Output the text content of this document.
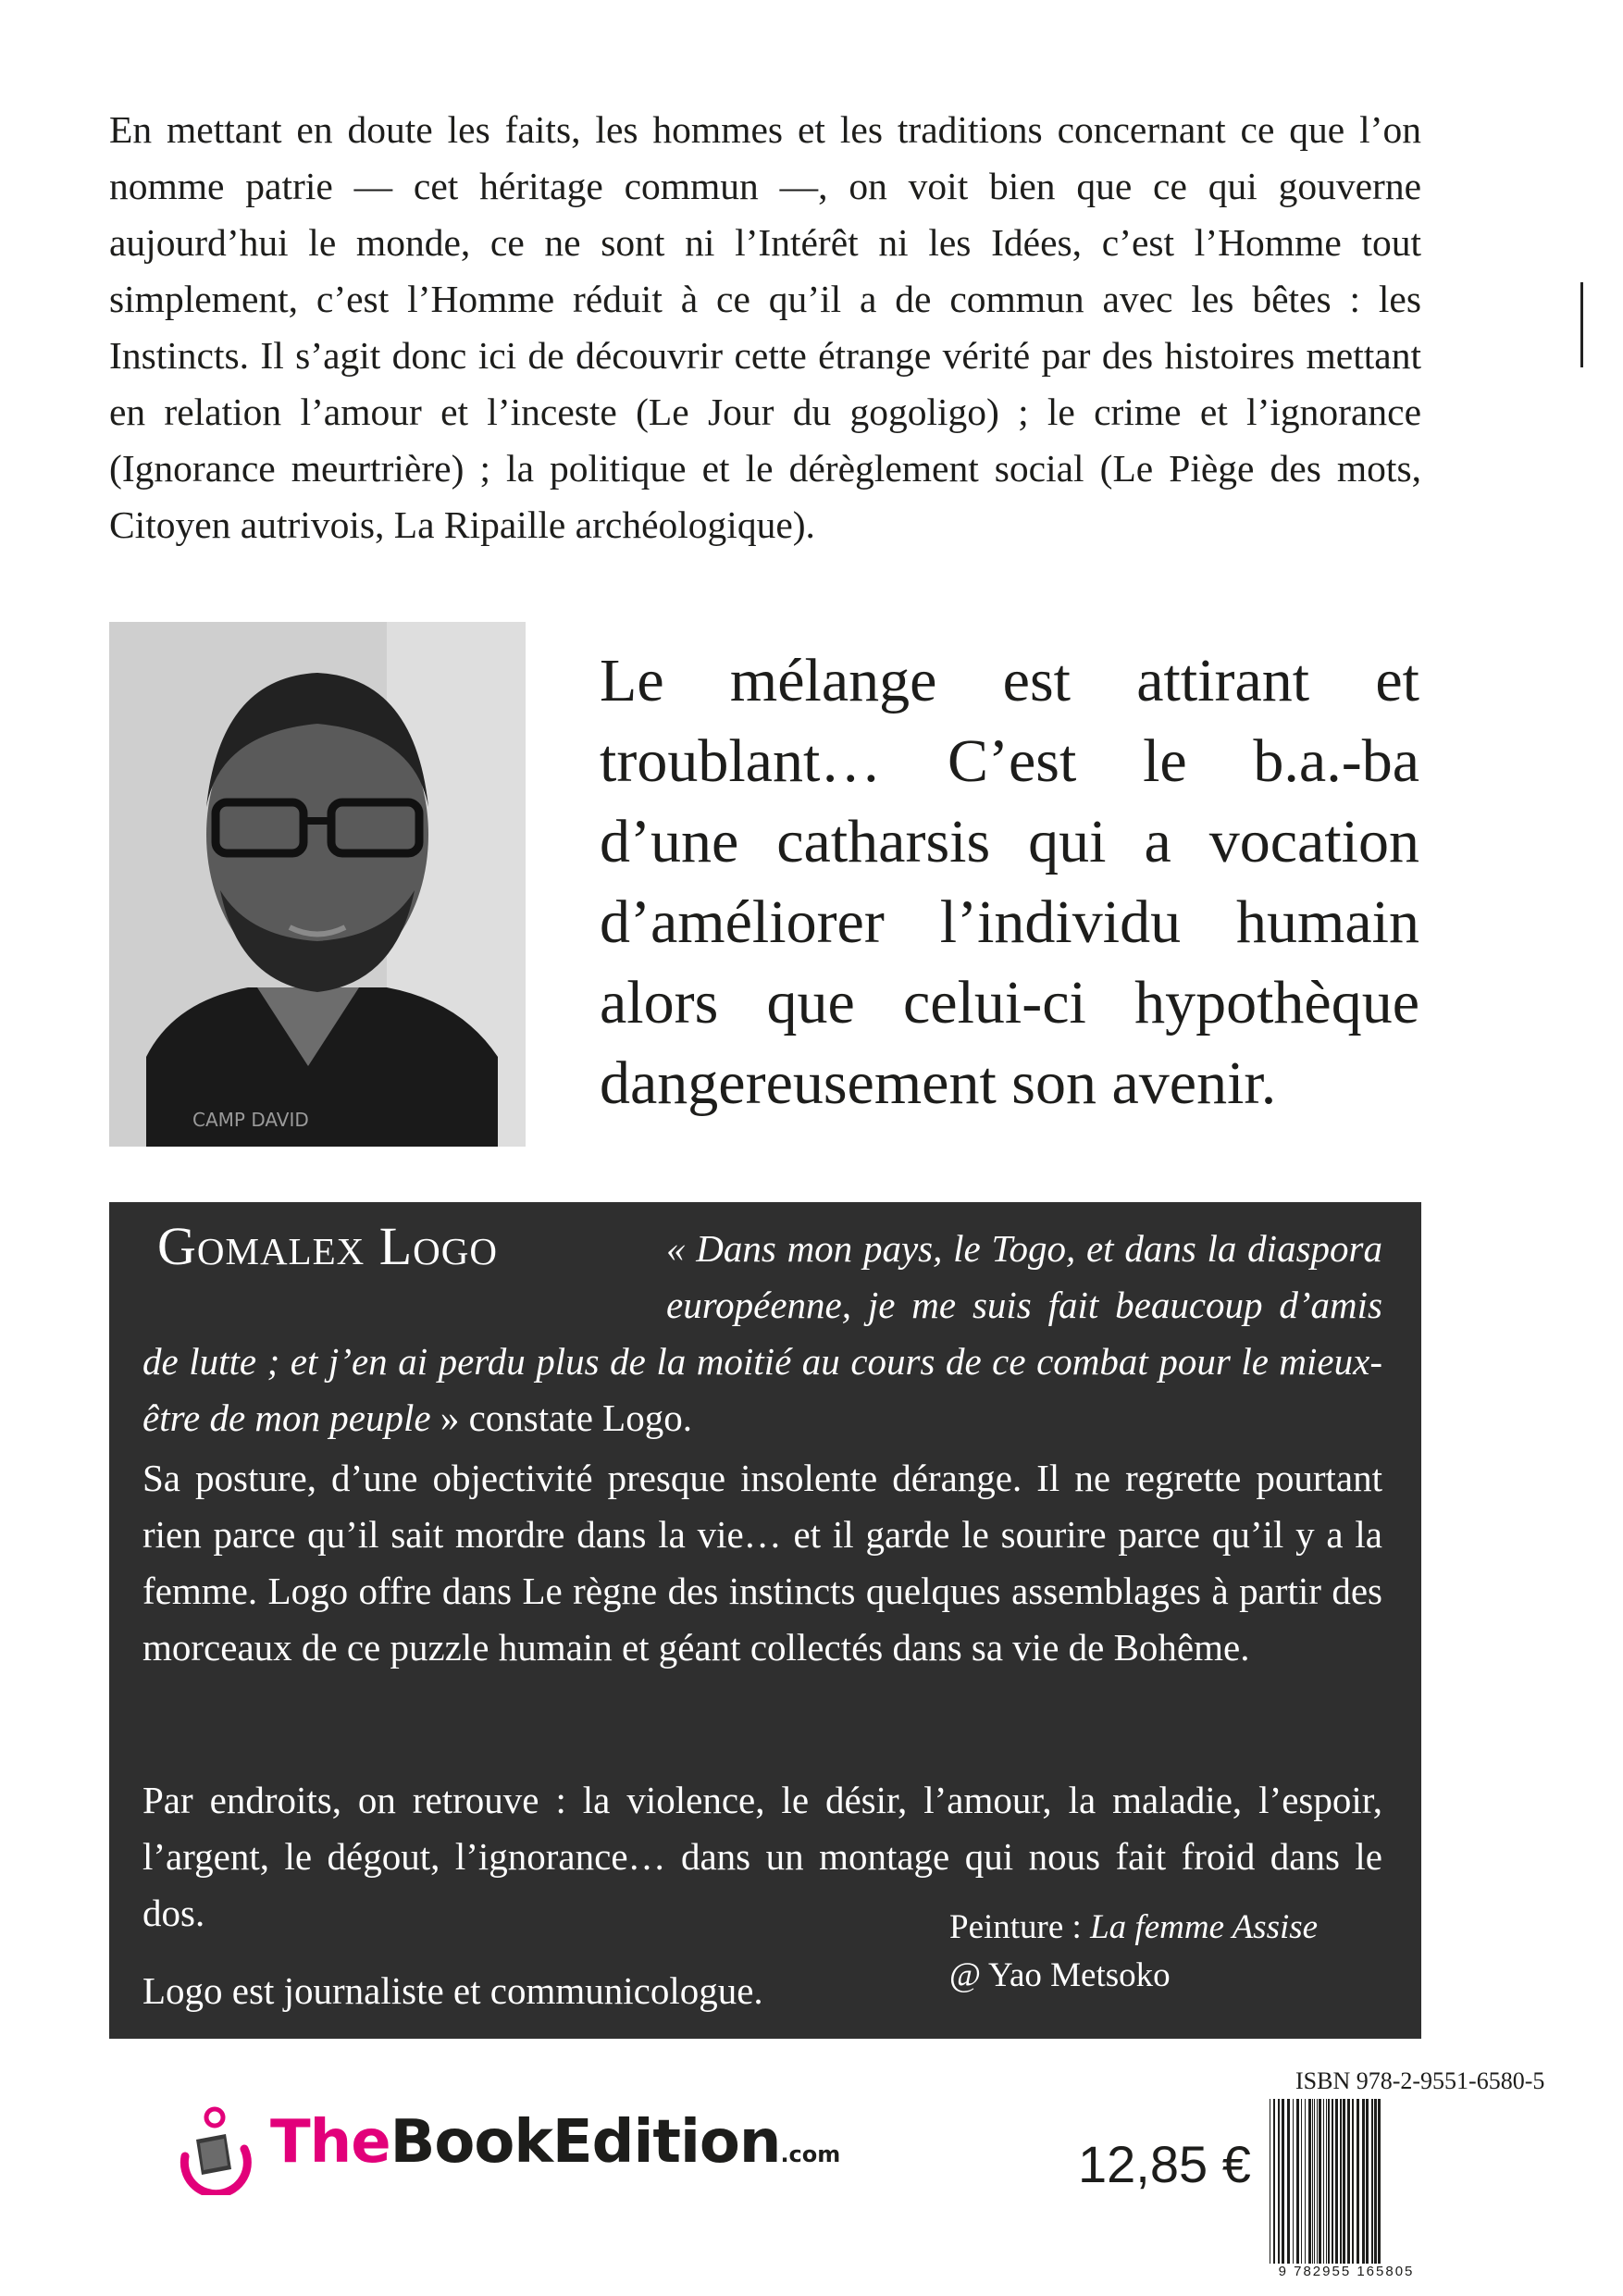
En mettant en doute les faits, les hommes et les traditions concernant ce que l’on nomme patrie — cet héritage commun —, on voit bien que ce qui gouverne aujourd’hui le monde, ce ne sont ni l’Intérêt ni les Idées, c’est l’Homme tout simplement, c’est l’Homme réduit à ce qu’il a de commun avec les bêtes : les Instincts. Il s’agit donc ici de découvrir cette étrange vérité par des histoires mettant en relation l’amour et l’inceste (Le Jour du gogoligo) ; le crime et l’ignorance (Ignorance meurtrière) ; la politique et le dérèglement social (Le Piège des mots, Citoyen autrivois, La Ripaille archéologique).

CAMP DAVID

Le mélange est attirant et troublant… C’est le b.a.-ba d’une catharsis qui a vocation d’améliorer l’individu humain alors que celui-ci hypothèque dangereusement son avenir.

« Dans mon pays, le Togo, et dans la diaspora européenne, je me suis fait beaucoup d’amis de lutte ; et j’en ai perdu plus de la moitié au cours de ce combat pour le mieux-être de mon peuple » constate Logo.

Gomalex Logo

Sa posture, d’une objectivité presque insolente dérange. Il ne regrette pourtant rien parce qu’il sait mordre dans la vie… et il garde le sourire parce qu’il y a la femme. Logo offre dans Le règne des instincts quelques assemblages à partir des morceaux de ce puzzle humain et géant collectés dans sa vie de Bohême.

Par endroits, on retrouve : la violence, le désir, l’amour, la maladie, l’espoir, l’argent, le dégout, l’ignorance… dans un montage qui nous fait froid dans le dos.	Peinture : La femme Assise
@ Yao Metsoko

Logo est journaliste et communicologue.

ISBN 978-2-9551-6580-5
TheBookEdition.com	12,85 €
9 782955 165805
